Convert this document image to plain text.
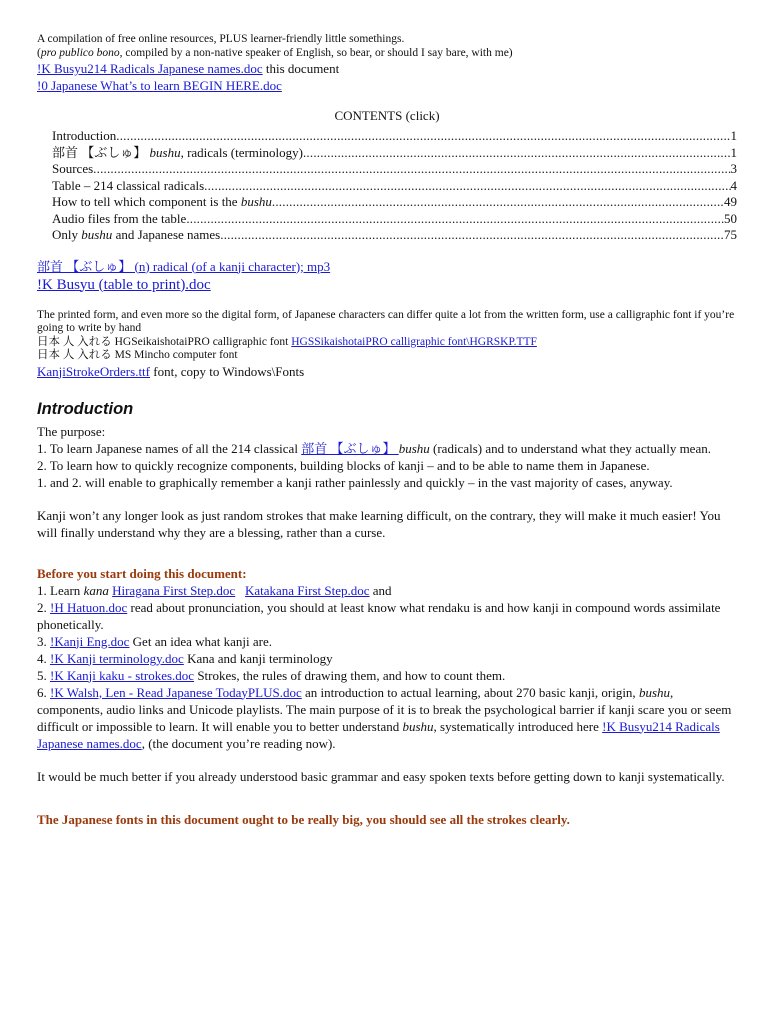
A compilation of free online resources, PLUS learner-friendly little somethings.
(pro publico bono, compiled by a non-native speaker of English, so bear, or should I say bare, with me)
!K Busyu214 Radicals Japanese names.doc this document
!0 Japanese What’s to learn BEGIN HERE.doc
CONTENTS (click)
Introduction .....	1
部首 【ぶしゅ】 bushu, radicals (terminology) .....	1
Sources .....	3
Table – 214 classical radicals .....	4
How to tell which component is the bushu .....	49
Audio files from the table .....	50
Only bushu and Japanese names .....	75
部首 【ぶしゅ】 (n) radical (of a kanji character); mp3
!K Busyu (table to print).doc
The printed form, and even more so the digital form, of Japanese characters can differ quite a lot from the written form, use a calligraphic font if you’re going to write by hand
日本 人 入れる HGSeikaishotaiPRO calligraphic font HGSSikaishotaiPRO calligraphic font\HGRSKP.TTF
日本 人 入れる MS Mincho computer font
KanjiStrokeOrders.ttf font, copy to Windows\Fonts
Introduction
The purpose:
1. To learn Japanese names of all the 214 classical 部首 【ぶしゅ】 bushu (radicals) and to understand what they actually mean.
2. To learn how to quickly recognize components, building blocks of kanji – and to be able to name them in Japanese.
1. and 2. will enable to graphically remember a kanji rather painlessly and quickly – in the vast majority of cases, anyway.
Kanji won’t any longer look as just random strokes that make learning difficult, on the contrary, they will make it much easier! You will finally understand why they are a blessing, rather than a curse.
Before you start doing this document:
1. Learn kana Hiragana First Step.doc Katakana First Step.doc and
2. !H Hatuon.doc read about pronunciation, you should at least know what rendaku is and how kanji in compound words assimilate phonetically.
3. !Kanji Eng.doc Get an idea what kanji are.
4. !K Kanji terminology.doc Kana and kanji terminology
5. !K Kanji kaku - strokes.doc Strokes, the rules of drawing them, and how to count them.
6. !K Walsh, Len - Read Japanese TodayPLUS.doc an introduction to actual learning, about 270 basic kanji, origin, bushu, components, audio links and Unicode playlists. The main purpose of it is to break the psychological barrier if kanji scare you or seem difficult or impossible to learn. It will enable you to better understand bushu, systematically introduced here !K Busyu214 Radicals Japanese names.doc, (the document you’re reading now).
It would be much better if you already understood basic grammar and easy spoken texts before getting down to kanji systematically.
The Japanese fonts in this document ought to be really big, you should see all the strokes clearly.
